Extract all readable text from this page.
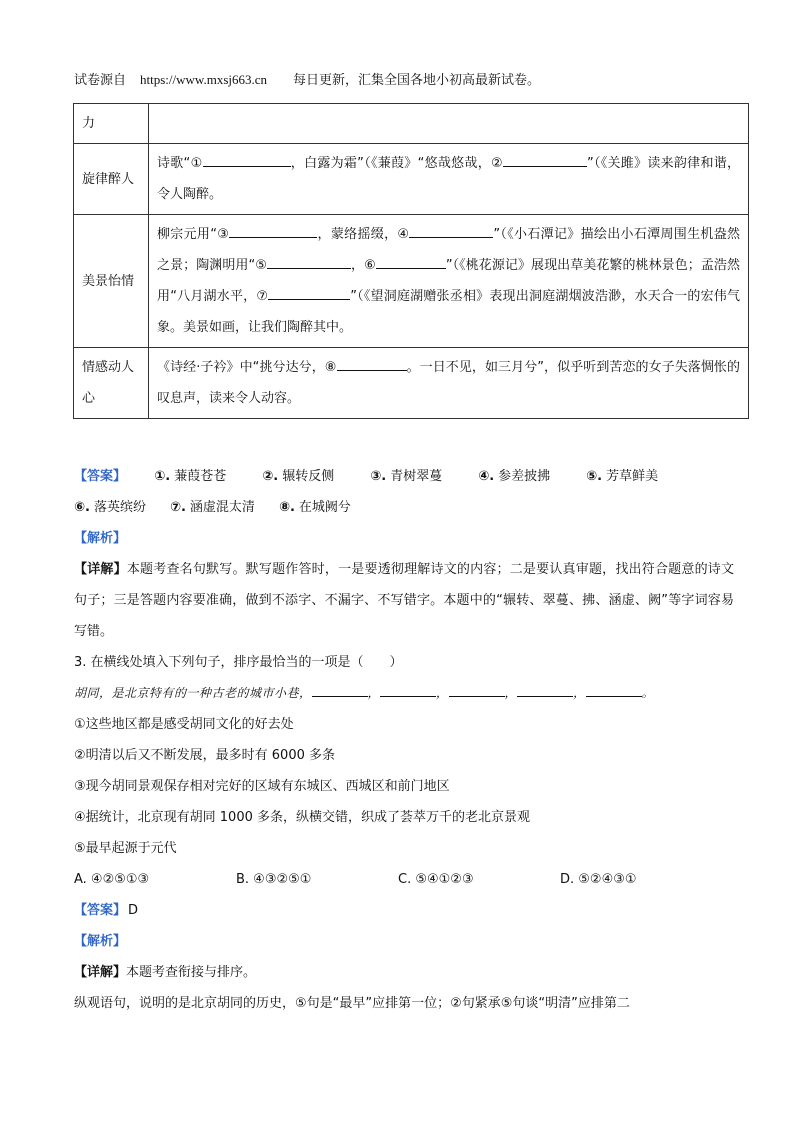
试卷源自 https://www.mxsj663.cn 每日更新，汇集全国各地小初高最新试卷。
力	
旋律醉人	诗歌“① ，白露为霜”（《蒹葭》“悠哉悠哉，② ”（《关雎》读来韵律和谐，令人陶醉。
美景怡情	柳宗元用“③ ，蒙络摇缀，④ ”（《小石潭记》描绘出小石潭周围生机盎然之景；陶渊明用“⑤ ，⑥ ”（《桃花源记》展现出草美花繁的桃林景色；孟浩然用“八月湖水平，⑦ ”（《望洞庭湖赠张丞相》表现出洞庭湖烟波浩渺，水天合一的宏伟气象。美景如画，让我们陶醉其中。
情感动人心	《诗经·子衿》中“挑兮达兮，⑧ 。一日不见，如三月兮”，似乎听到苦恋的女子失落惆怅的叹息声，读来令人动容。
【答案】 ①. 蒹葭苍苍	②. 辗转反侧	③. 青树翠蔓	④. 参差披拂	⑤. 芳草鲜美
⑥. 落英缤纷 ⑦. 涵虚混太清 ⑧. 在城阙兮
【解析】
【详解】本题考查名句默写。默写题作答时，一是要透彻理解诗文的内容；二是要认真审题，找出符合题意的诗文句子；三是答题内容要准确，做到不添字、不漏字、不写错字。本题中的“辗转、翠蔓、拂、涵虚、阙”等字词容易写错。
3. 在横线处填入下列句子，排序最恰当的一项是（　　）
胡同，是北京特有的一种古老的城市小巷，	，	，	，	，	。
①这些地区都是感受胡同文化的好去处
②明清以后又不断发展，最多时有 6000 多条
③现今胡同景观保存相对完好的区域有东城区、西城区和前门地区
④据统计，北京现有胡同 1000 多条，纵横交错，织成了荟萃万千的老北京景观
⑤最早起源于元代
A. ④②⑤①③	B. ④③②⑤①	C. ⑤④①②③	D. ⑤②④③①
【答案】 D
【解析】
【详解】本题考查衔接与排序。
纵观语句，说明的是北京胡同的历史，⑤句是“最早”应排第一位；②句紧承⑤句谈“明清”应排第二
